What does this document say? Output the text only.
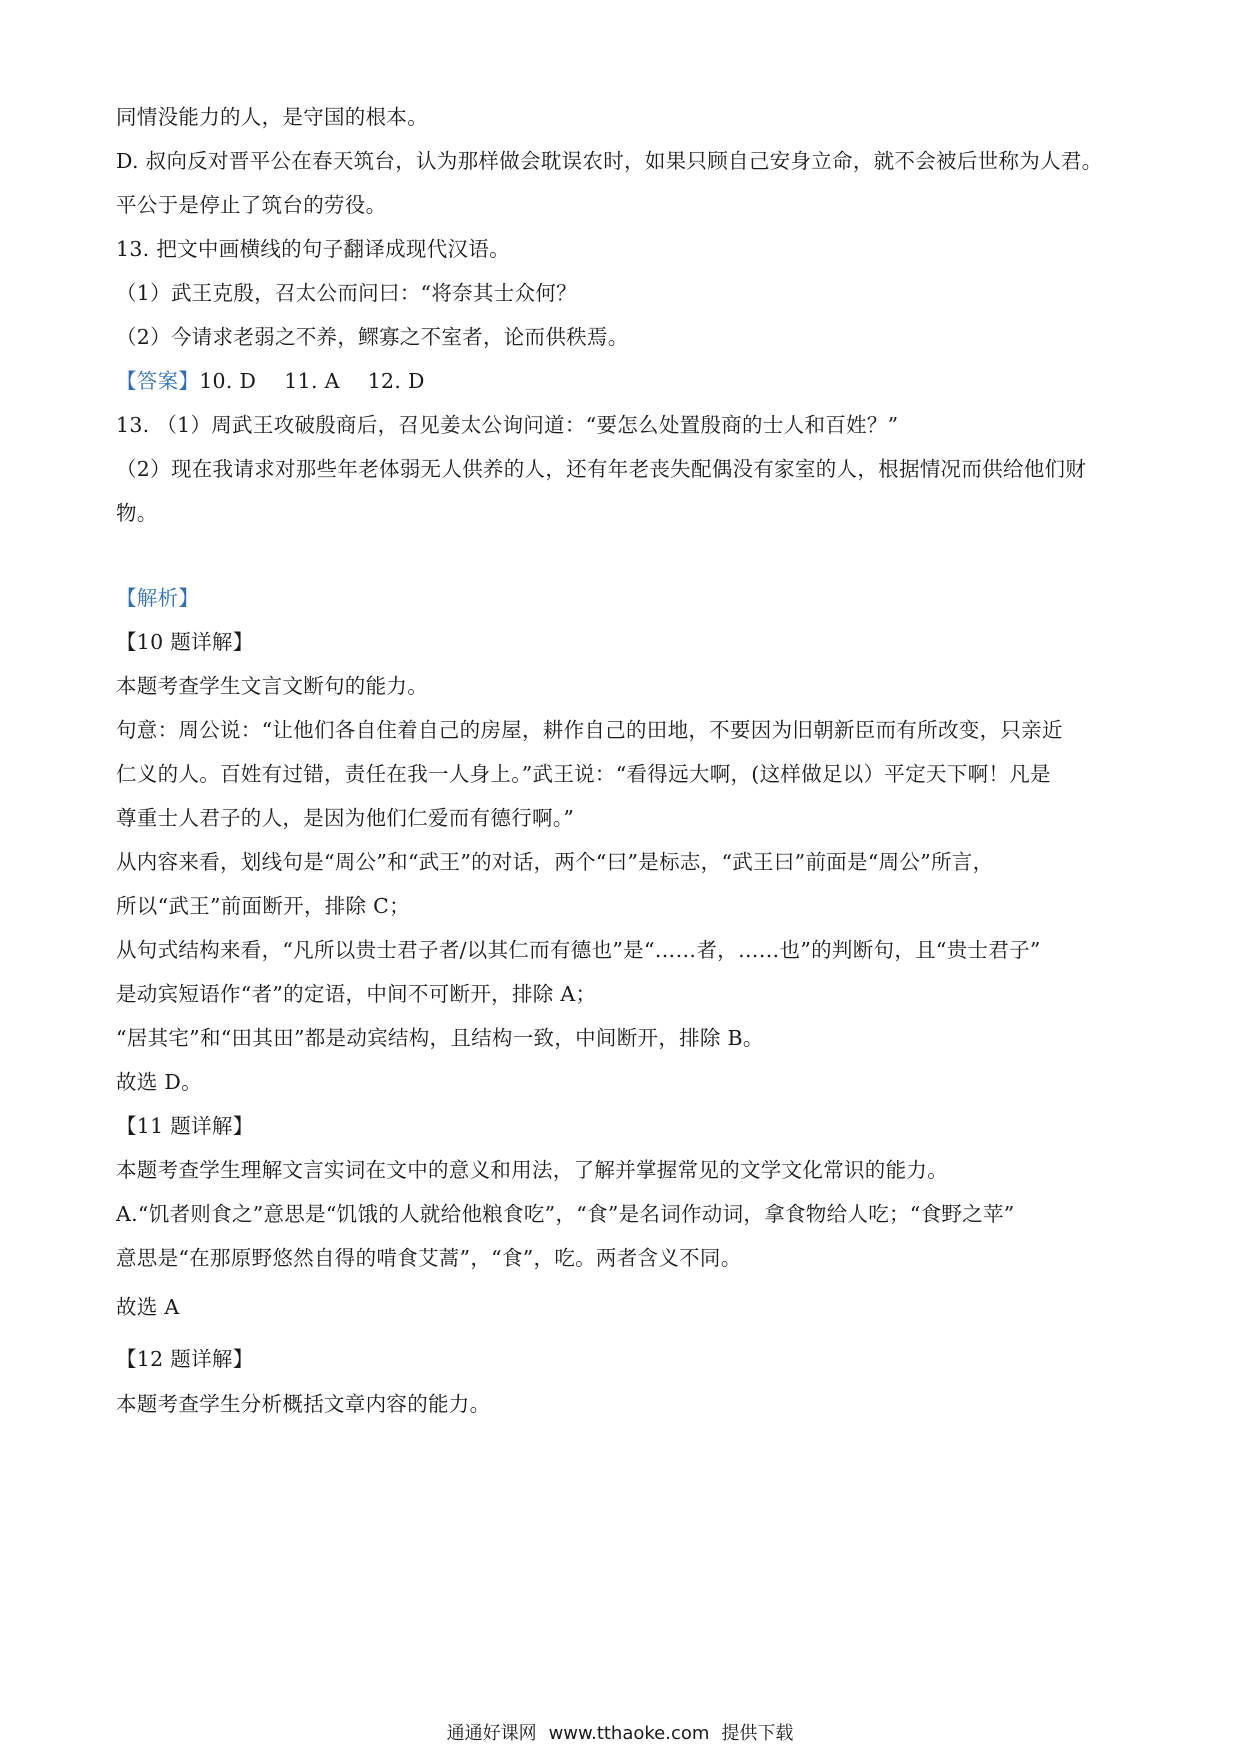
同情没能力的人，是守国的根本。
D. 叔向反对晋平公在春天筑台，认为那样做会耽误农时，如果只顾自己安身立命，就不会被后世称为人君。
平公于是停止了筑台的劳役。
13. 把文中画横线的句子翻译成现代汉语。
（1）武王克殷，召太公而问曰：“将奈其士众何？
（2）今请求老弱之不养，鳏寡之不室者，论而供秩焉。
【答案】10. D 11. A 12. D
13. （1）周武王攻破殷商后，召见姜太公询问道：“要怎么处置殷商的士人和百姓？”
（2）现在我请求对那些年老体弱无人供养的人，还有年老丧失配偶没有家室的人，根据情况而供给他们财
物。
【解析】
【10 题详解】
本题考查学生文言文断句的能力。
句意：周公说：“让他们各自住着自己的房屋，耕作自己的田地，不要因为旧朝新臣而有所改变，只亲近
仁义的人。百姓有过错，责任在我一人身上。”武王说：“看得远大啊，(这样做足以）平定天下啊！凡是
尊重士人君子的人，是因为他们仁爱而有德行啊。”
从内容来看，划线句是“周公”和“武王”的对话，两个“曰”是标志，“武王曰”前面是“周公”所言，
所以“武王”前面断开，排除 C；
从句式结构来看，“凡所以贵士君子者/以其仁而有德也”是“……者，……也”的判断句，且“贵士君子”
是动宾短语作“者”的定语，中间不可断开，排除 A；
“居其宅”和“田其田”都是动宾结构，且结构一致，中间断开，排除 B。
故选 D。
【11 题详解】
本题考查学生理解文言实词在文中的意义和用法，了解并掌握常见的文学文化常识的能力。
A.“饥者则食之”意思是“饥饿的人就给他粮食吃”，“食”是名词作动词，拿食物给人吃；“食野之苹”
意思是“在那原野悠然自得的啃食艾蒿”，“食”，吃。两者含义不同。
故选 A
【12 题详解】
本题考查学生分析概括文章内容的能力。
通通好课网 www.tthaoke.com 提供下载
